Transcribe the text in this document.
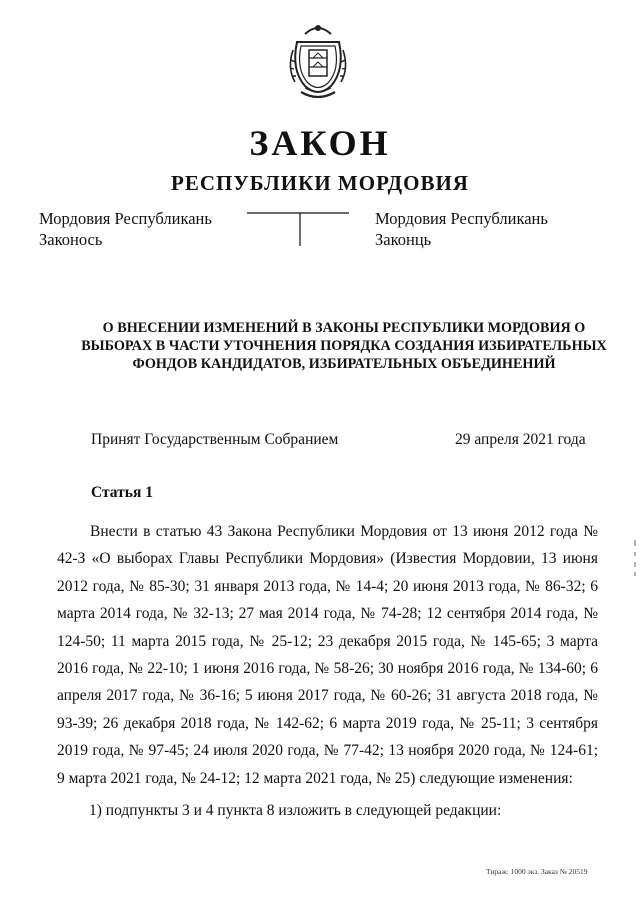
ЗАКОН
РЕСПУБЛИКИ МОРДОВИЯ
Мордовия Республикань
Законось
Мордовия Республикань
Законць
О ВНЕСЕНИИ ИЗМЕНЕНИЙ В ЗАКОНЫ РЕСПУБЛИКИ МОРДОВИЯ О ВЫБОРАХ В ЧАСТИ УТОЧНЕНИЯ ПОРЯДКА СОЗДАНИЯ ИЗБИРАТЕЛЬНЫХ ФОНДОВ КАНДИДАТОВ, ИЗБИРАТЕЛЬНЫХ ОБЪЕДИНЕНИЙ
Принят Государственным Собранием	29 апреля 2021 года
Статья 1

Внести в статью 43 Закона Республики Мордовия от 13 июня 2012 года № 42-З «О выборах Главы Республики Мордовия» (Известия Мордовии, 13 июня 2012 года, № 85-30; 31 января 2013 года, № 14-4; 20 июня 2013 года, № 86-32; 6 марта 2014 года, № 32-13; 27 мая 2014 года, № 74-28; 12 сентября 2014 года, № 124-50; 11 марта 2015 года, № 25-12; 23 декабря 2015 года, № 145-65; 3 марта 2016 года, № 22-10; 1 июня 2016 года, № 58-26; 30 ноября 2016 года, № 134-60; 6 апреля 2017 года, № 36-16; 5 июня 2017 года, № 60-26; 31 августа 2018 года, № 93-39; 26 декабря 2018 года, № 142-62; 6 марта 2019 года, № 25-11; 3 сентября 2019 года, № 97-45; 24 июля 2020 года, № 77-42; 13 ноября 2020 года, № 124-61; 9 марта 2021 года, № 24-12; 12 марта 2021 года, № 25) следующие изменения:

1) подпункты 3 и 4 пункта 8 изложить в следующей редакции:
Тираж: 1000 экз. Заказ № 20519
